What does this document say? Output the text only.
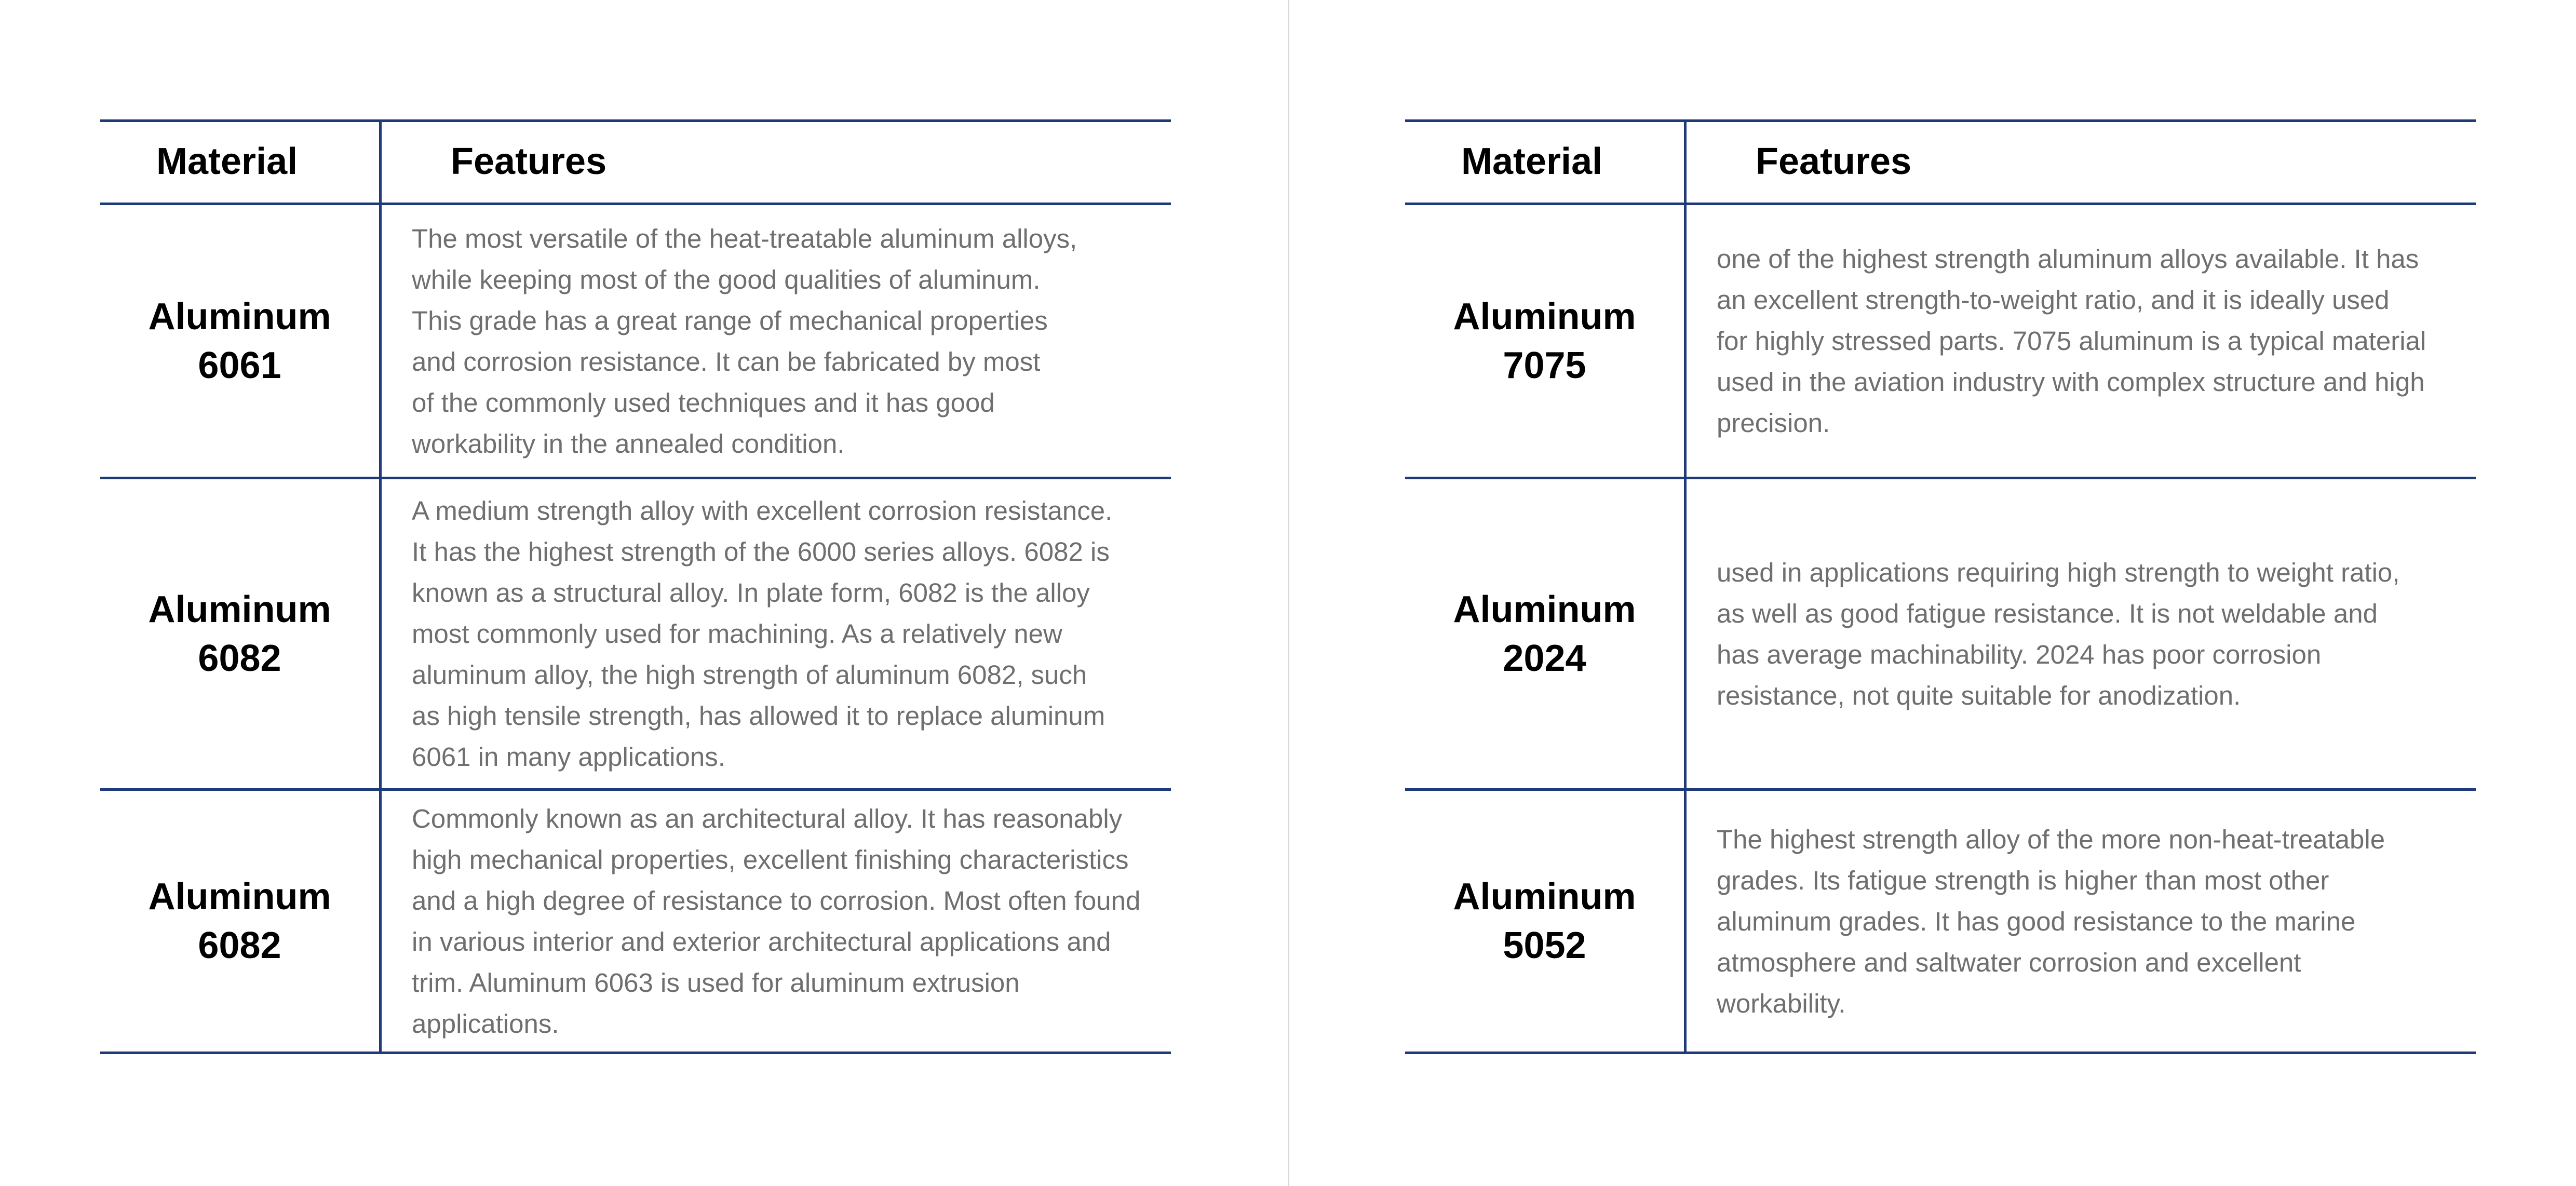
Material	Features
Aluminum
6061
The most versatile of the heat-treatable aluminum alloys,
while keeping most of the good qualities of aluminum.
This grade has a great range of mechanical properties
and corrosion resistance. It can be fabricated by most
of the commonly used techniques and it has good
workability in the annealed condition.
Aluminum
6082
A medium strength alloy with excellent corrosion resistance.
It has the highest strength of the 6000 series alloys. 6082 is
known as a structural alloy. In plate form, 6082 is the alloy
most commonly used for machining. As a relatively new
aluminum alloy, the high strength of aluminum 6082, such
as high tensile strength, has allowed it to replace aluminum
6061 in many applications.
Aluminum
6082
Commonly known as an architectural alloy. It has reasonably
high mechanical properties, excellent finishing characteristics
and a high degree of resistance to corrosion. Most often found
in various interior and exterior architectural applications and
trim. Aluminum 6063 is used for aluminum extrusion
applications.
Material	Features
Aluminum
7075
one of the highest strength aluminum alloys available. It has
an excellent strength-to-weight ratio, and it is ideally used
for highly stressed parts. 7075 aluminum is a typical material
used in the aviation industry with complex structure and high
precision.
Aluminum
2024
used in applications requiring high strength to weight ratio,
as well as good fatigue resistance. It is not weldable and
has average machinability. 2024 has poor corrosion
resistance, not quite suitable for anodization.
Aluminum
5052
The highest strength alloy of the more non-heat-treatable
grades. Its fatigue strength is higher than most other
aluminum grades. It has good resistance to the marine
atmosphere and saltwater corrosion and excellent
workability.
